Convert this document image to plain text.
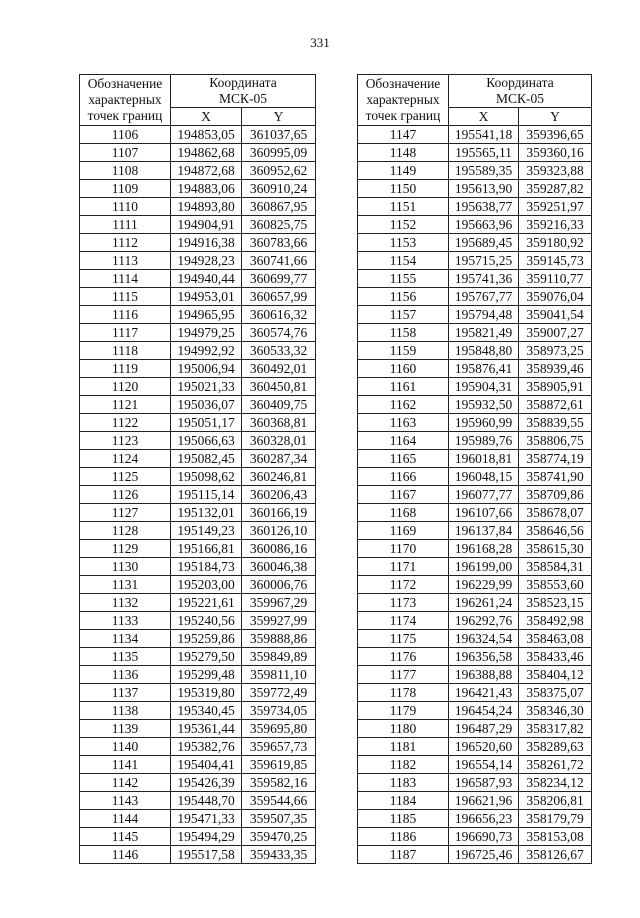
331
Обозначение
характерных
точек границ	Координата
МСК-05	
	X	Y
1106	194853,05	361037,65
1107	194862,68	360995,09
1108	194872,68	360952,62
1109	194883,06	360910,24
1110	194893,80	360867,95
1111	194904,91	360825,75
1112	194916,38	360783,66
1113	194928,23	360741,66
1114	194940,44	360699,77
1115	194953,01	360657,99
1116	194965,95	360616,32
1117	194979,25	360574,76
1118	194992,92	360533,32
1119	195006,94	360492,01
1120	195021,33	360450,81
1121	195036,07	360409,75
1122	195051,17	360368,81
1123	195066,63	360328,01
1124	195082,45	360287,34
1125	195098,62	360246,81
1126	195115,14	360206,43
1127	195132,01	360166,19
1128	195149,23	360126,10
1129	195166,81	360086,16
1130	195184,73	360046,38
1131	195203,00	360006,76
1132	195221,61	359967,29
1133	195240,56	359927,99
1134	195259,86	359888,86
1135	195279,50	359849,89
1136	195299,48	359811,10
1137	195319,80	359772,49
1138	195340,45	359734,05
1139	195361,44	359695,80
1140	195382,76	359657,73
1141	195404,41	359619,85
1142	195426,39	359582,16
1143	195448,70	359544,66
1144	195471,33	359507,35
1145	195494,29	359470,25
1146	195517,58	359433,35
Обозначение
характерных
точек границ	Координата
МСК-05	
	X	Y
1147	195541,18	359396,65
1148	195565,11	359360,16
1149	195589,35	359323,88
1150	195613,90	359287,82
1151	195638,77	359251,97
1152	195663,96	359216,33
1153	195689,45	359180,92
1154	195715,25	359145,73
1155	195741,36	359110,77
1156	195767,77	359076,04
1157	195794,48	359041,54
1158	195821,49	359007,27
1159	195848,80	358973,25
1160	195876,41	358939,46
1161	195904,31	358905,91
1162	195932,50	358872,61
1163	195960,99	358839,55
1164	195989,76	358806,75
1165	196018,81	358774,19
1166	196048,15	358741,90
1167	196077,77	358709,86
1168	196107,66	358678,07
1169	196137,84	358646,56
1170	196168,28	358615,30
1171	196199,00	358584,31
1172	196229,99	358553,60
1173	196261,24	358523,15
1174	196292,76	358492,98
1175	196324,54	358463,08
1176	196356,58	358433,46
1177	196388,88	358404,12
1178	196421,43	358375,07
1179	196454,24	358346,30
1180	196487,29	358317,82
1181	196520,60	358289,63
1182	196554,14	358261,72
1183	196587,93	358234,12
1184	196621,96	358206,81
1185	196656,23	358179,79
1186	196690,73	358153,08
1187	196725,46	358126,67
